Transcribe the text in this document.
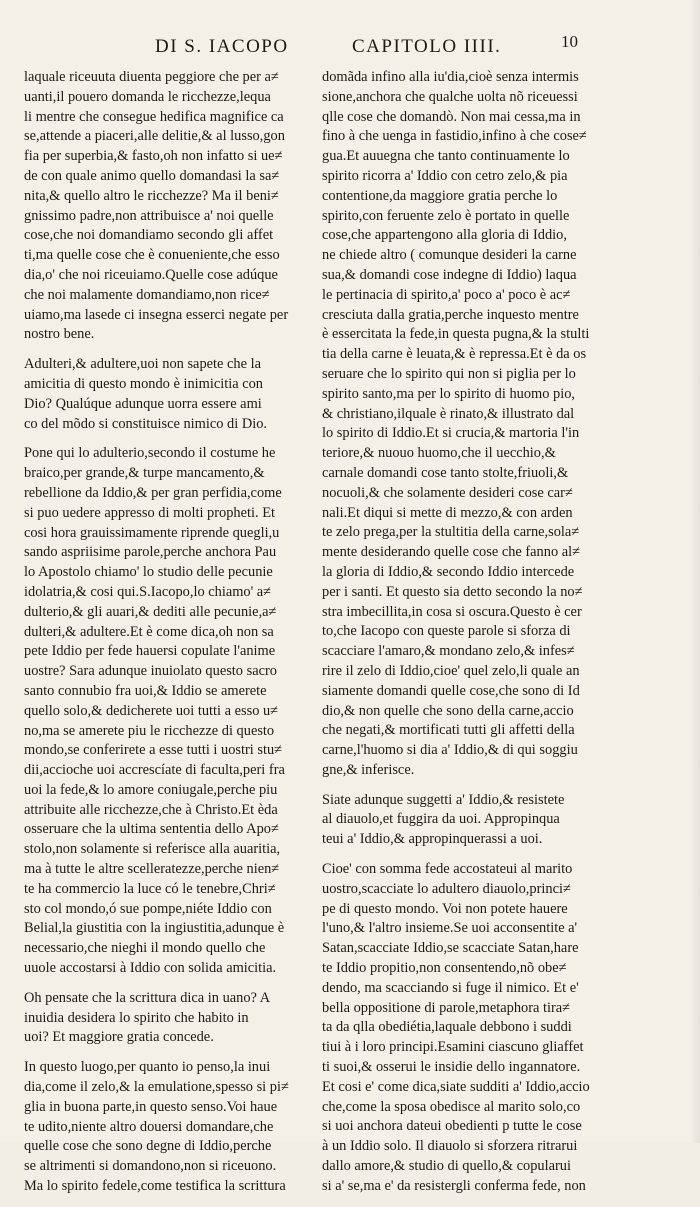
DI S. IACOPO	CAPITOLO IIII.	10
laquale riceuuta diuenta peggiore che per a≠
uanti,il pouero domanda le ricchezze,lequa
li mentre che consegue hedifica magnifice ca
se,attende a piaceri,alle delitie,& al lusso,gon
fia per superbia,& fasto,oh non infatto si ue≠
de con quale animo quello domandasi la sa≠
nita,& quello altro le ricchezze? Ma il beni≠
gnissimo padre,non attribuisce a' noi quelle
cose,che noi domandiamo secondo gli affet
ti,ma quelle cose che è conueniente,che esso
dia,o' che noi riceuiamo.Quelle cose adúque
che noi malamente domandiamo,non rice≠
uiamo,ma lasede ci insegna esserci negate per
nostro bene.
Adulteri,& adultere,uoi non sapete che la
amicitia di questo mondo è inimicitia con
Dio? Qualúque adunque uorra essere ami
co del mõdo si constituisce nimico di Dio.
Pone qui lo adulterio,secondo il costume he
braico,per grande,& turpe mancamento,&
rebellione da Iddio,& per gran perfidia,come
si puo uedere appresso di molti propheti. Et
cosi hora grauissimamente riprende quegli,u
sando aspriisime parole,perche anchora Pau
lo Apostolo chiamo' lo studio delle pecunie
idolatria,& cosi qui.S.Iacopo,lo chiamo' a≠
dulterio,& gli auari,& dediti alle pecunie,a≠
dulteri,& adultere.Et è come dica,oh non sa
pete Iddio per fede hauersi copulate l'anime
uostre? Sara adunque inuiolato questo sacro
santo connubio fra uoi,& Iddio se amerete
quello solo,& dedicherete uoi tutti a esso u≠
no,ma se amerete piu le ricchezze di questo
mondo,se conferirete a esse tutti i uostri stu≠
dii,accioche uoi accrescíate di faculta,peri fra
uoi la fede,& lo amore coniugale,perche piu
attribuite alle ricchezze,che à Christo.Et èda
osseruare che la ultima sententia dello Apo≠
stolo,non solamente si referisce alla auaritia,
ma à tutte le altre scelleratezze,perche nien≠
te ha commercio la luce có le tenebre,Chri≠
sto col mondo,ó sue pompe,niéte Iddio con
Belial,la giustitia con la ingiustitia,adunque è
necessario,che nieghi il mondo quello che
uuole accostarsi à Iddio con solida amicitia.
Oh pensate che la scrittura dica in uano? A
inuidia desidera lo spirito che habito in
uoi? Et maggiore gratia concede.
In questo luogo,per quanto io penso,la inui
dia,come il zelo,& la emulatione,spesso si pi≠
glia in buona parte,in questo senso.Voi haue
te udito,niente altro douersi domandare,che
quelle cose che sono degne di Iddio,perche
se altrimenti si domandono,non si riceuono.
Ma lo spirito fedele,come testifica la scrittura
domãda infino alla iu'dia,cioè senza intermis
sione,anchora che qualche uolta nõ riceuessi
qlle cose che domandò. Non mai cessa,ma in
fino à che uenga in fastidio,infino à che cose≠
gua.Et auuegna che tanto continuamente lo
spirito ricorra a' Iddio con cetro zelo,& pia
contentione,da maggiore gratia perche lo
spirito,con feruente zelo è portato in quelle
cose,che appartengono alla gloria di Iddio,
ne chiede altro ( comunque desideri la carne
sua,& domandi cose indegne di Iddio) laqua
le pertinacia di spirito,a' poco a' poco è ac≠
cresciuta dalla gratia,perche inquesto mentre
è essercitata la fede,in questa pugna,& la stulti
tia della carne è leuata,& è repressa.Et è da os
seruare che lo spirito qui non si piglia per lo
spirito santo,ma per lo spirito di huomo pio,
& christiano,ilquale è rinato,& illustrato dal
lo spirito di Iddio.Et si crucia,& martoria l'in
teriore,& nuouo huomo,che il uecchio,&
carnale domandi cose tanto stolte,friuoli,&
nocuoli,& che solamente desideri cose car≠
nali.Et diqui si mette di mezzo,& con arden
te zelo prega,per la stultitia della carne,sola≠
mente desiderando quelle cose che fanno al≠
la gloria di Iddio,& secondo Iddio intercede
per i santi. Et questo sia detto secondo la no≠
stra imbecillita,in cosa si oscura.Questo è cer
to,che Iacopo con queste parole si sforza di
scacciare l'amaro,& mondano zelo,& infes≠
rire il zelo di Iddio,cioe' quel zelo,li quale an
siamente domandi quelle cose,che sono di Id
dio,& non quelle che sono della carne,accio
che negati,& mortificati tutti gli affetti della
carne,l'huomo si dia a' Iddio,& di qui soggiu
gne,& inferisce.
Siate adunque suggetti a' Iddio,& resistete
al diauolo,et fuggira da uoi. Appropinqua
teui a' Iddio,& appropinquerassi a uoi.
Cioe' con somma fede accostateui al marito
uostro,scacciate lo adultero diauolo,princi≠
pe di questo mondo. Voi non potete hauere
l'uno,& l'altro insieme.Se uoi acconsentite a'
Satan,scacciate Iddio,se scacciate Satan,hare
te Iddio propitio,non consentendo,nõ obe≠
dendo, ma scacciando si fuge il nimico. Et e'
bella oppositione di parole,metaphora tira≠
ta da qlla obediétia,laquale debbono i suddi
tiui à i loro principi.Esamini ciascuno gliaffet
ti suoi,& osserui le insidie dello ingannatore.
Et cosi e' come dica,siate sudditi a' Iddio,accio
che,come la sposa obedisce al marito solo,co
si uoi anchora dateui obedienti p tutte le cose
à un Iddio solo. Il diauolo si sforzera ritrarui
dallo amore,& studio di quello,& copularui
si a' se,ma e' da resistergli conferma fede, non
